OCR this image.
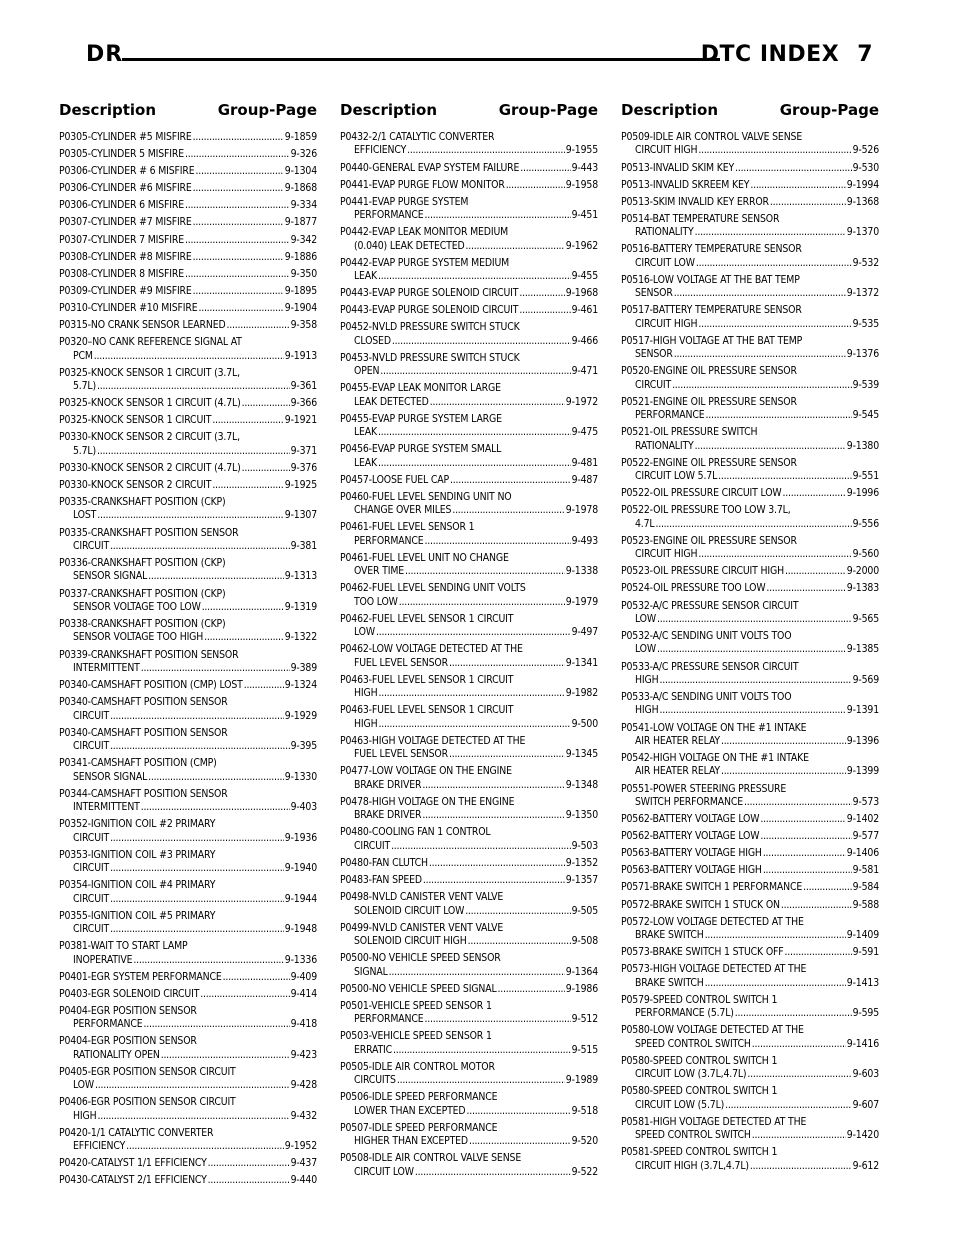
DR	DTC INDEX 7
Description	Group-Page
P0305-CYLINDER #5 MISFIRE . . .	9-1859
P0305-CYLINDER 5 MISFIRE . . .	9-326
P0306-CYLINDER # 6 MISFIRE . . .	9-1304
P0306-CYLINDER #6 MISFIRE . . .	9-1868
P0306-CYLINDER 6 MISFIRE . . .	9-334
P0307-CYLINDER #7 MISFIRE . . .	9-1877
P0307-CYLINDER 7 MISFIRE . . .	9-342
P0308-CYLINDER #8 MISFIRE . . .	9-1886
P0308-CYLINDER 8 MISFIRE . . .	9-350
P0309-CYLINDER #9 MISFIRE . . .	9-1895
P0310-CYLINDER #10 MISFIRE . . .	9-1904
P0315-NO CRANK SENSOR LEARNED . . .	9-358
P0320–NO CANK REFERENCE SIGNAL AT
PCM . . .	9-1913
P0325-KNOCK SENSOR 1 CIRCUIT (3.7L,
5.7L) . . .	9-361
P0325-KNOCK SENSOR 1 CIRCUIT (4.7L) . . .	9-366
P0325-KNOCK SENSOR 1 CIRCUIT . . .	9-1921
P0330-KNOCK SENSOR 2 CIRCUIT (3.7L,
5.7L) . . .	9-371
P0330-KNOCK SENSOR 2 CIRCUIT (4.7L) . . .	9-376
P0330-KNOCK SENSOR 2 CIRCUIT . . .	9-1925
P0335-CRANKSHAFT POSITION (CKP)
LOST . . .	9-1307
P0335-CRANKSHAFT POSITION SENSOR
CIRCUIT . . .	9-381
P0336-CRANKSHAFT POSITION (CKP)
SENSOR SIGNAL . . .	9-1313
P0337-CRANKSHAFT POSITION (CKP)
SENSOR VOLTAGE TOO LOW . . .	9-1319
P0338-CRANKSHAFT POSITION (CKP)
SENSOR VOLTAGE TOO HIGH . . .	9-1322
P0339-CRANKSHAFT POSITION SENSOR
INTERMITTENT . . .	9-389
P0340-CAMSHAFT POSITION (CMP) LOST . . .	9-1324
P0340-CAMSHAFT POSITION SENSOR
CIRCUIT . . .	9-1929
P0340-CAMSHAFT POSITION SENSOR
CIRCUIT . . .	9-395
P0341-CAMSHAFT POSITION (CMP)
SENSOR SIGNAL . . .	9-1330
P0344-CAMSHAFT POSITION SENSOR
INTERMITTENT . . .	9-403
P0352-IGNITION COIL #2 PRIMARY
CIRCUIT . . .	9-1936
P0353-IGNITION COIL #3 PRIMARY
CIRCUIT . . .	9-1940
P0354-IGNITION COIL #4 PRIMARY
CIRCUIT . . .	9-1944
P0355-IGNITION COIL #5 PRIMARY
CIRCUIT . . .	9-1948
P0381-WAIT TO START LAMP
INOPERATIVE . . .	9-1336
P0401-EGR SYSTEM PERFORMANCE . . .	9-409
P0403-EGR SOLENOID CIRCUIT . . .	9-414
P0404-EGR POSITION SENSOR
PERFORMANCE . . .	9-418
P0404-EGR POSITION SENSOR
RATIONALITY OPEN . . .	9-423
P0405-EGR POSITION SENSOR CIRCUIT
LOW . . .	9-428
P0406-EGR POSITION SENSOR CIRCUIT
HIGH . . .	9-432
P0420-1/1 CATALYTIC CONVERTER
EFFICIENCY . . .	9-1952
P0420-CATALYST 1/1 EFFICIENCY . . .	9-437
P0430-CATALYST 2/1 EFFICIENCY . . .	9-440
Description	Group-Page
P0432-2/1 CATALYTIC CONVERTER
EFFICIENCY . . .	9-1955
P0440-GENERAL EVAP SYSTEM FAILURE . . .	9-443
P0441-EVAP PURGE FLOW MONITOR . . .	9-1958
P0441-EVAP PURGE SYSTEM
PERFORMANCE . . .	9-451
P0442-EVAP LEAK MONITOR MEDIUM
(0.040) LEAK DETECTED . . .	9-1962
P0442-EVAP PURGE SYSTEM MEDIUM
LEAK . . .	9-455
P0443-EVAP PURGE SOLENOID CIRCUIT . . .	9-1968
P0443-EVAP PURGE SOLENOID CIRCUIT . . .	9-461
P0452-NVLD PRESSURE SWITCH STUCK
CLOSED . . .	9-466
P0453-NVLD PRESSURE SWITCH STUCK
OPEN . . .	9-471
P0455-EVAP LEAK MONITOR LARGE
LEAK DETECTED . . .	9-1972
P0455-EVAP PURGE SYSTEM LARGE
LEAK . . .	9-475
P0456-EVAP PURGE SYSTEM SMALL
LEAK . . .	9-481
P0457-LOOSE FUEL CAP . . .	9-487
P0460-FUEL LEVEL SENDING UNIT NO
CHANGE OVER MILES . . .	9-1978
P0461-FUEL LEVEL SENSOR 1
PERFORMANCE . . .	9-493
P0461-FUEL LEVEL UNIT NO CHANGE
OVER TIME . . .	9-1338
P0462-FUEL LEVEL SENDING UNIT VOLTS
TOO LOW . . .	9-1979
P0462-FUEL LEVEL SENSOR 1 CIRCUIT
LOW . . .	9-497
P0462-LOW VOLTAGE DETECTED AT THE
FUEL LEVEL SENSOR . . .	9-1341
P0463-FUEL LEVEL SENSOR 1 CIRCUIT
HIGH . . .	9-1982
P0463-FUEL LEVEL SENSOR 1 CIRCUIT
HIGH . . .	9-500
P0463-HIGH VOLTAGE DETECTED AT THE
FUEL LEVEL SENSOR . . .	9-1345
P0477-LOW VOLTAGE ON THE ENGINE
BRAKE DRIVER . . .	9-1348
P0478-HIGH VOLTAGE ON THE ENGINE
BRAKE DRIVER . . .	9-1350
P0480-COOLING FAN 1 CONTROL
CIRCUIT . . .	9-503
P0480-FAN CLUTCH . . .	9-1352
P0483-FAN SPEED . . .	9-1357
P0498-NVLD CANISTER VENT VALVE
SOLENOID CIRCUIT LOW . . .	9-505
P0499-NVLD CANISTER VENT VALVE
SOLENOID CIRCUIT HIGH . . .	9-508
P0500-NO VEHICLE SPEED SENSOR
SIGNAL . . .	9-1364
P0500-NO VEHICLE SPEED SIGNAL . . .	9-1986
P0501-VEHICLE SPEED SENSOR 1
PERFORMANCE . . .	9-512
P0503-VEHICLE SPEED SENSOR 1
ERRATIC . . .	9-515
P0505-IDLE AIR CONTROL MOTOR
CIRCUITS . . .	9-1989
P0506-IDLE SPEED PERFORMANCE
LOWER THAN EXCEPTED . . .	9-518
P0507-IDLE SPEED PERFORMANCE
HIGHER THAN EXCEPTED . . .	9-520
P0508-IDLE AIR CONTROL VALVE SENSE
CIRCUIT LOW . . .	9-522
Description	Group-Page
P0509-IDLE AIR CONTROL VALVE SENSE
CIRCUIT HIGH . . .	9-526
P0513-INVALID SKIM KEY . . .	9-530
P0513-INVALID SKREEM KEY . . .	9-1994
P0513-SKIM INVALID KEY ERROR . . .	9-1368
P0514-BAT TEMPERATURE SENSOR
RATIONALITY . . .	9-1370
P0516-BATTERY TEMPERATURE SENSOR
CIRCUIT LOW . . .	9-532
P0516-LOW VOLTAGE AT THE BAT TEMP
SENSOR . . .	9-1372
P0517-BATTERY TEMPERATURE SENSOR
CIRCUIT HIGH . . .	9-535
P0517-HIGH VOLTAGE AT THE BAT TEMP
SENSOR . . .	9-1376
P0520-ENGINE OIL PRESSURE SENSOR
CIRCUIT . . .	9-539
P0521-ENGINE OIL PRESSURE SENSOR
PERFORMANCE . . .	9-545
P0521-OIL PRESSURE SWITCH
RATIONALITY . . .	9-1380
P0522-ENGINE OIL PRESSURE SENSOR
CIRCUIT LOW 5.7L . . .	9-551
P0522-OIL PRESSURE CIRCUIT LOW . . .	9-1996
P0522-OIL PRESSURE TOO LOW 3.7L,
4.7L . . .	9-556
P0523-ENGINE OIL PRESSURE SENSOR
CIRCUIT HIGH . . .	9-560
P0523-OIL PRESSURE CIRCUIT HIGH . . .	9-2000
P0524-OIL PRESSURE TOO LOW . . .	9-1383
P0532-A/C PRESSURE SENSOR CIRCUIT
LOW . . .	9-565
P0532-A/C SENDING UNIT VOLTS TOO
LOW . . .	9-1385
P0533-A/C PRESSURE SENSOR CIRCUIT
HIGH . . .	9-569
P0533-A/C SENDING UNIT VOLTS TOO
HIGH . . .	9-1391
P0541-LOW VOLTAGE ON THE #1 INTAKE
AIR HEATER RELAY . . .	9-1396
P0542-HIGH VOLTAGE ON THE #1 INTAKE
AIR HEATER RELAY . . .	9-1399
P0551-POWER STEERING PRESSURE
SWITCH PERFORMANCE . . .	9-573
P0562-BATTERY VOLTAGE LOW . . .	9-1402
P0562-BATTERY VOLTAGE LOW . . .	9-577
P0563-BATTERY VOLTAGE HIGH . . .	9-1406
P0563-BATTERY VOLTAGE HIGH . . .	9-581
P0571-BRAKE SWITCH 1 PERFORMANCE . . .	9-584
P0572-BRAKE SWITCH 1 STUCK ON . . .	9-588
P0572-LOW VOLTAGE DETECTED AT THE
BRAKE SWITCH . . .	9-1409
P0573-BRAKE SWITCH 1 STUCK OFF . . .	9-591
P0573-HIGH VOLTAGE DETECTED AT THE
BRAKE SWITCH . . .	9-1413
P0579-SPEED CONTROL SWITCH 1
PERFORMANCE (5.7L) . . .	9-595
P0580-LOW VOLTAGE DETECTED AT THE
SPEED CONTROL SWITCH . . .	9-1416
P0580-SPEED CONTROL SWITCH 1
CIRCUIT LOW (3.7L,4.7L) . . .	9-603
P0580-SPEED CONTROL SWITCH 1
CIRCUIT LOW (5.7L) . . .	9-607
P0581-HIGH VOLTAGE DETECTED AT THE
SPEED CONTROL SWITCH . . .	9-1420
P0581-SPEED CONTROL SWITCH 1
CIRCUIT HIGH (3.7L,4.7L) . . .	9-612
